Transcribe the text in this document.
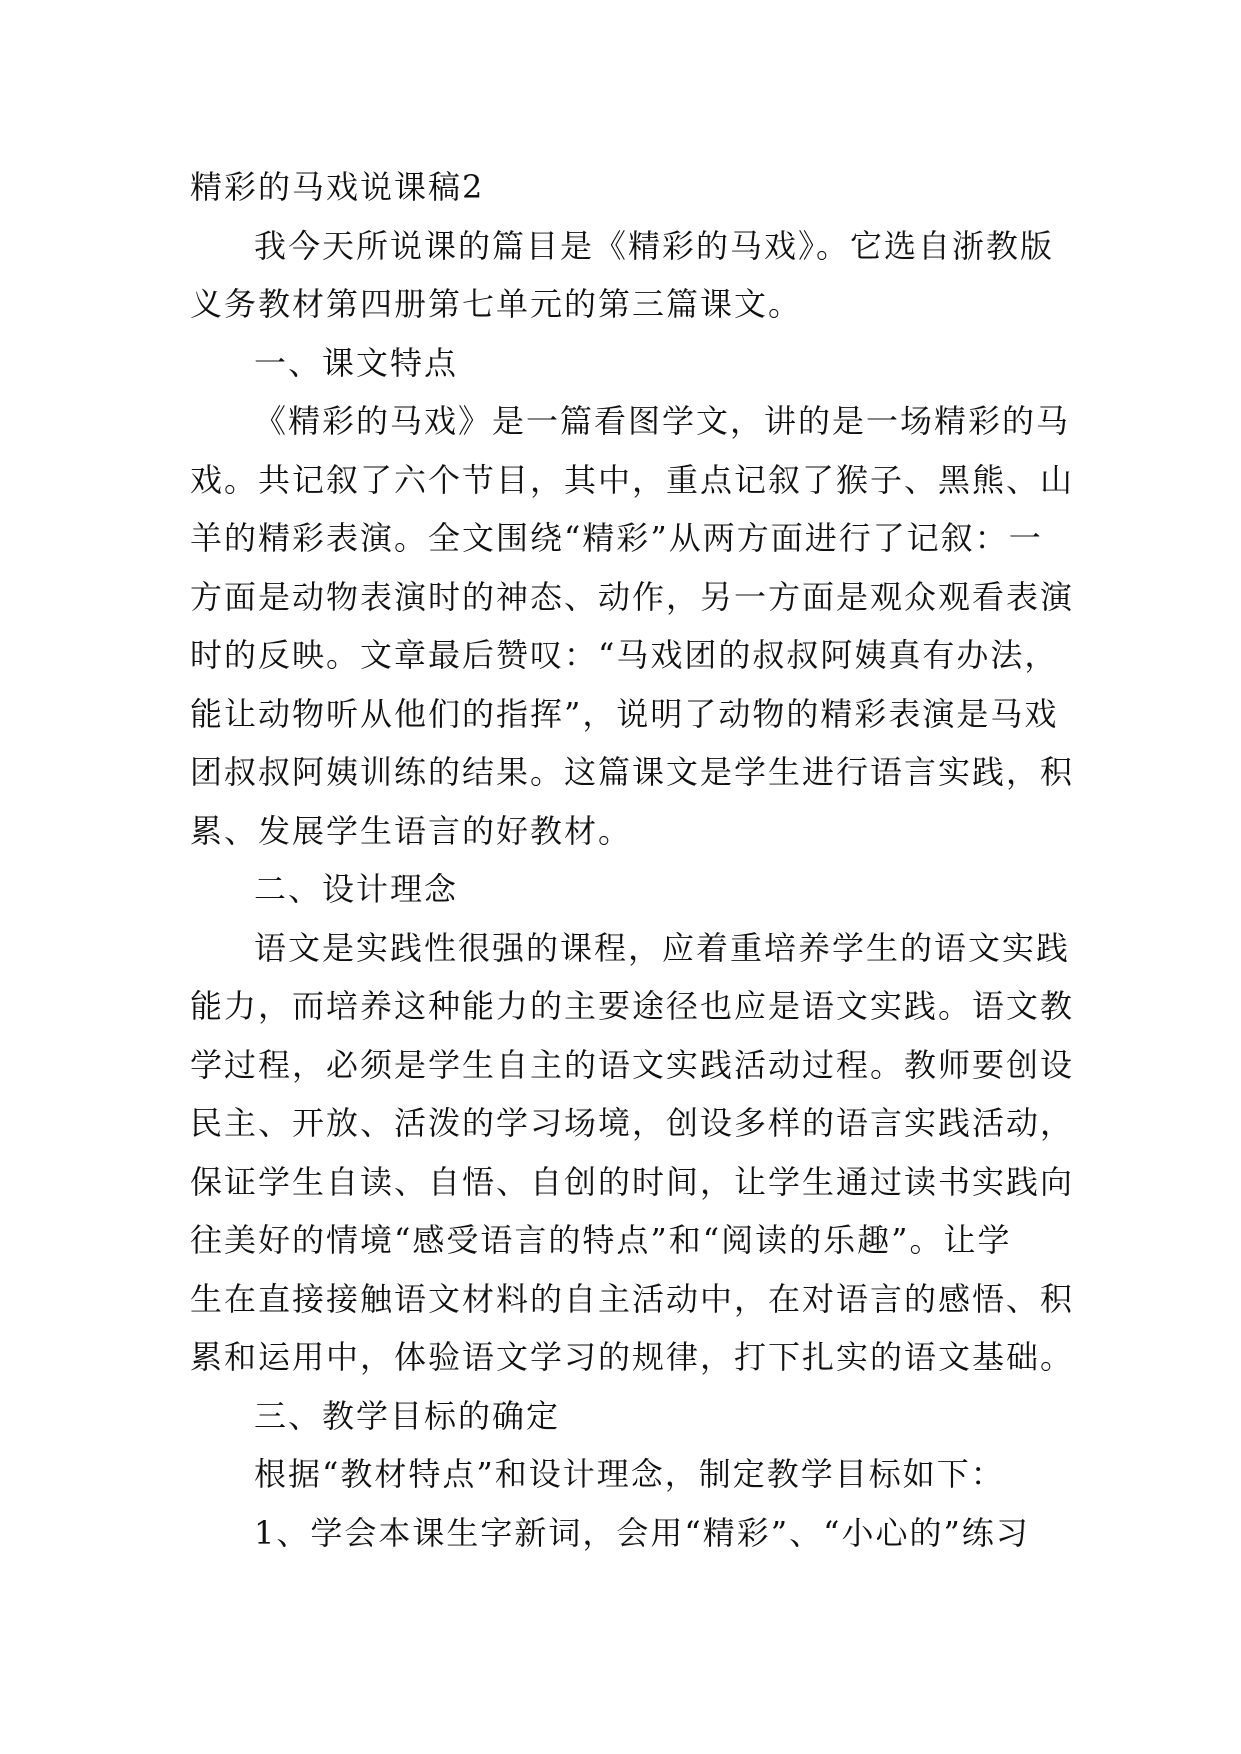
精彩的马戏说课稿2
我今天所说课的篇目是《精彩的马戏》。它选自浙教版
义务教材第四册第七单元的第三篇课文。
一、课文特点
《精彩的马戏》是一篇看图学文，讲的是一场精彩的马
戏。共记叙了六个节目，其中，重点记叙了猴子、黑熊、山
羊的精彩表演。全文围绕“精彩”从两方面进行了记叙：一
方面是动物表演时的神态、动作，另一方面是观众观看表演
时的反映。文章最后赞叹：“马戏团的叔叔阿姨真有办法，
能让动物听从他们的指挥”，说明了动物的精彩表演是马戏
团叔叔阿姨训练的结果。这篇课文是学生进行语言实践，积
累、发展学生语言的好教材。
二、设计理念
语文是实践性很强的课程，应着重培养学生的语文实践
能力，而培养这种能力的主要途径也应是语文实践。语文教
学过程，必须是学生自主的语文实践活动过程。教师要创设
民主、开放、活泼的学习场境，创设多样的语言实践活动，
保证学生自读、自悟、自创的时间，让学生通过读书实践向
往美好的情境“感受语言的特点”和“阅读的乐趣”。让学
生在直接接触语文材料的自主活动中，在对语言的感悟、积
累和运用中，体验语文学习的规律，打下扎实的语文基础。
三、教学目标的确定
根据“教材特点”和设计理念，制定教学目标如下：
1、学会本课生字新词，会用“精彩”、“小心的”练习
